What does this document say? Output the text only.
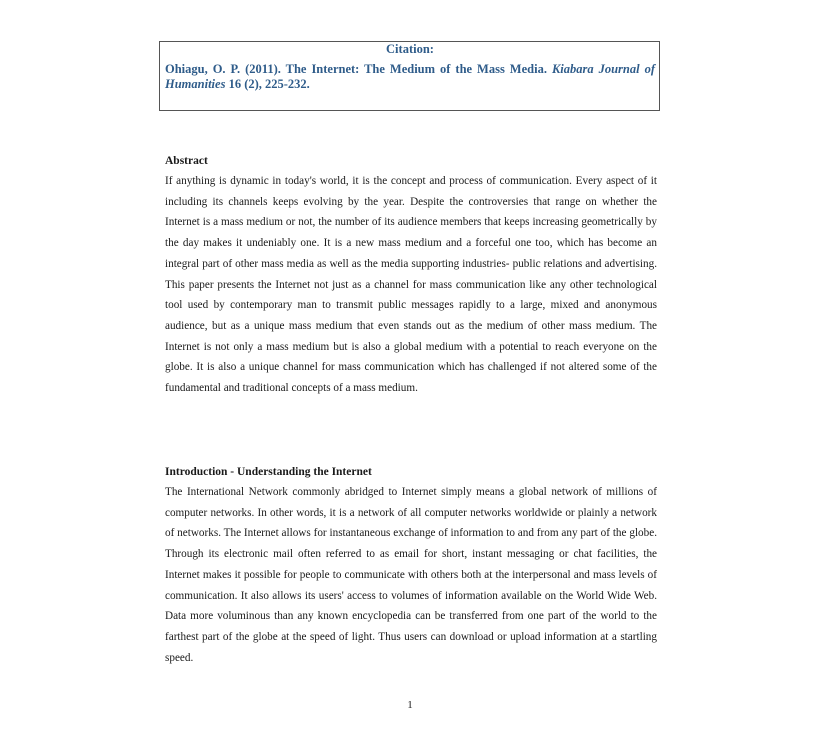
Citation:
Ohiagu, O. P. (2011). The Internet: The Medium of the Mass Media. Kiabara Journal of Humanities 16 (2), 225-232.
Abstract

If anything is dynamic in today's world, it is the concept and process of communication. Every aspect of it including its channels keeps evolving by the year. Despite the controversies that range on whether the Internet is a mass medium or not, the number of its audience members that keeps increasing geometrically by the day makes it undeniably one. It is a new mass medium and a forceful one too, which has become an integral part of other mass media as well as the media supporting industries- public relations and advertising. This paper presents the Internet not just as a channel for mass communication like any other technological tool used by contemporary man to transmit public messages rapidly to a large, mixed and anonymous audience, but as a unique mass medium that even stands out as the medium of other mass medium. The Internet is not only a mass medium but is also a global medium with a potential to reach everyone on the globe. It is also a unique channel for mass communication which has challenged if not altered some of the fundamental and traditional concepts of a mass medium.

Introduction - Understanding the Internet

The International Network commonly abridged to Internet simply means a global network of millions of computer networks. In other words, it is a network of all computer networks worldwide or plainly a network of networks. The Internet allows for instantaneous exchange of information to and from any part of the globe. Through its electronic mail often referred to as email for short, instant messaging or chat facilities, the Internet makes it possible for people to communicate with others both at the interpersonal and mass levels of communication. It also allows its users' access to volumes of information available on the World Wide Web. Data more voluminous than any known encyclopedia can be transferred from one part of the world to the farthest part of the globe at the speed of light. Thus users can download or upload information at a startling speed.

1
